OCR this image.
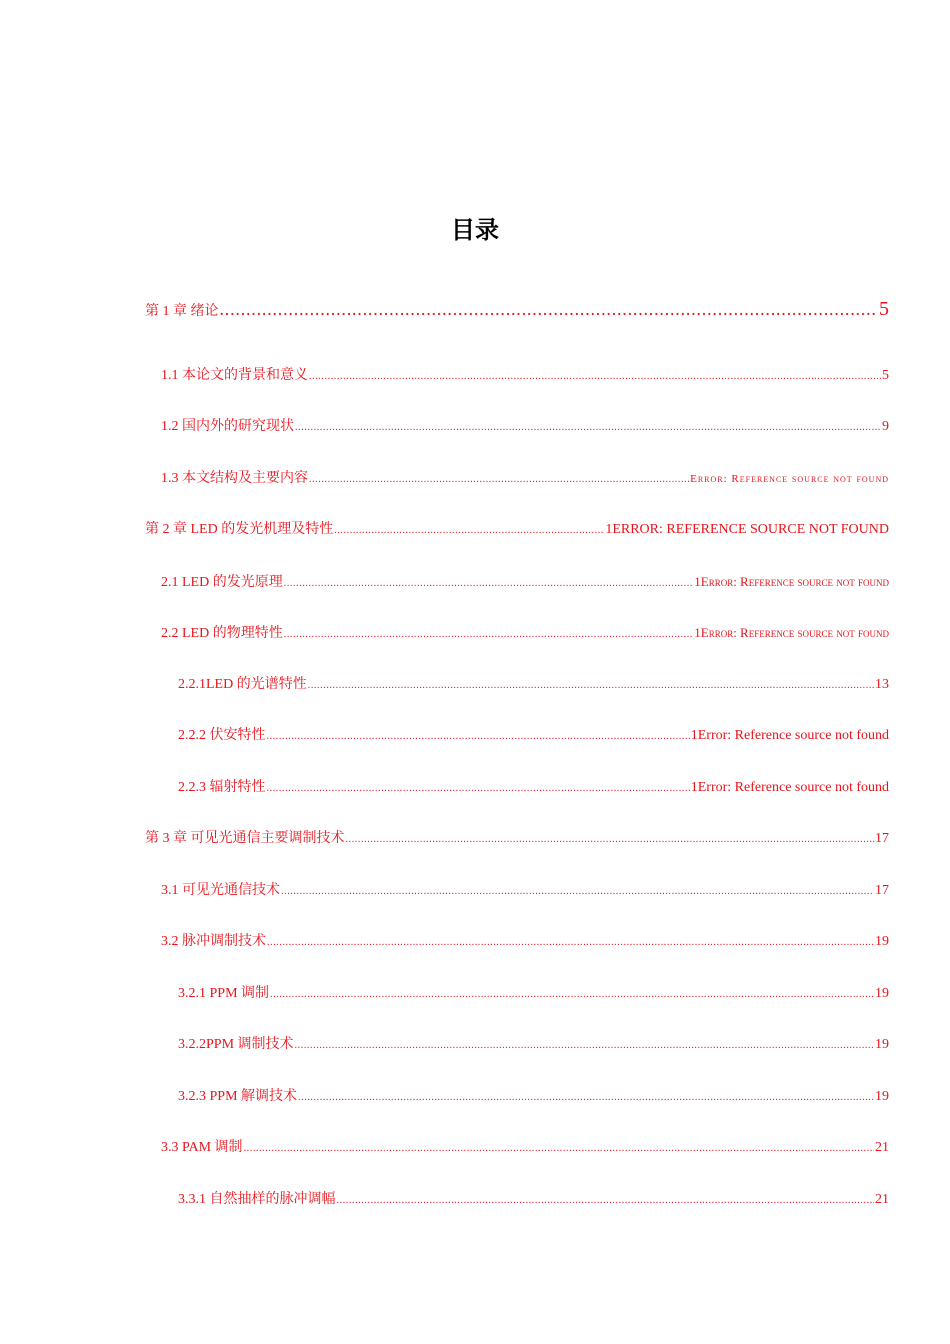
目录
第 1 章 绪论 .....	5
1.1 本论文的背景和意义 .....	5
1.2 国内外的研究现状 .....	9
1.3 本文结构及主要内容 .....	Error: Reference source not found
第 2 章 LED 的发光机理及特性 .....	1ERROR: REFERENCE SOURCE NOT FOUND
2.1 LED 的发光原理 .....	1Error: Reference source not found
2.2 LED 的物理特性 .....	1Error: Reference source not found
2.2.1LED 的光谱特性 .....	13
2.2.2 伏安特性 .....	1Error: Reference source not found
2.2.3 辐射特性 .....	1Error: Reference source not found
第 3 章 可见光通信主要调制技术 .....	17
3.1 可见光通信技术 .....	17
3.2 脉冲调制技术 .....	19
3.2.1 PPM 调制 .....	19
3.2.2PPM 调制技术 .....	19
3.2.3 PPM 解调技术 .....	19
3.3 PAM 调制 .....	21
3.3.1 自然抽样的脉冲调幅 .....	21
